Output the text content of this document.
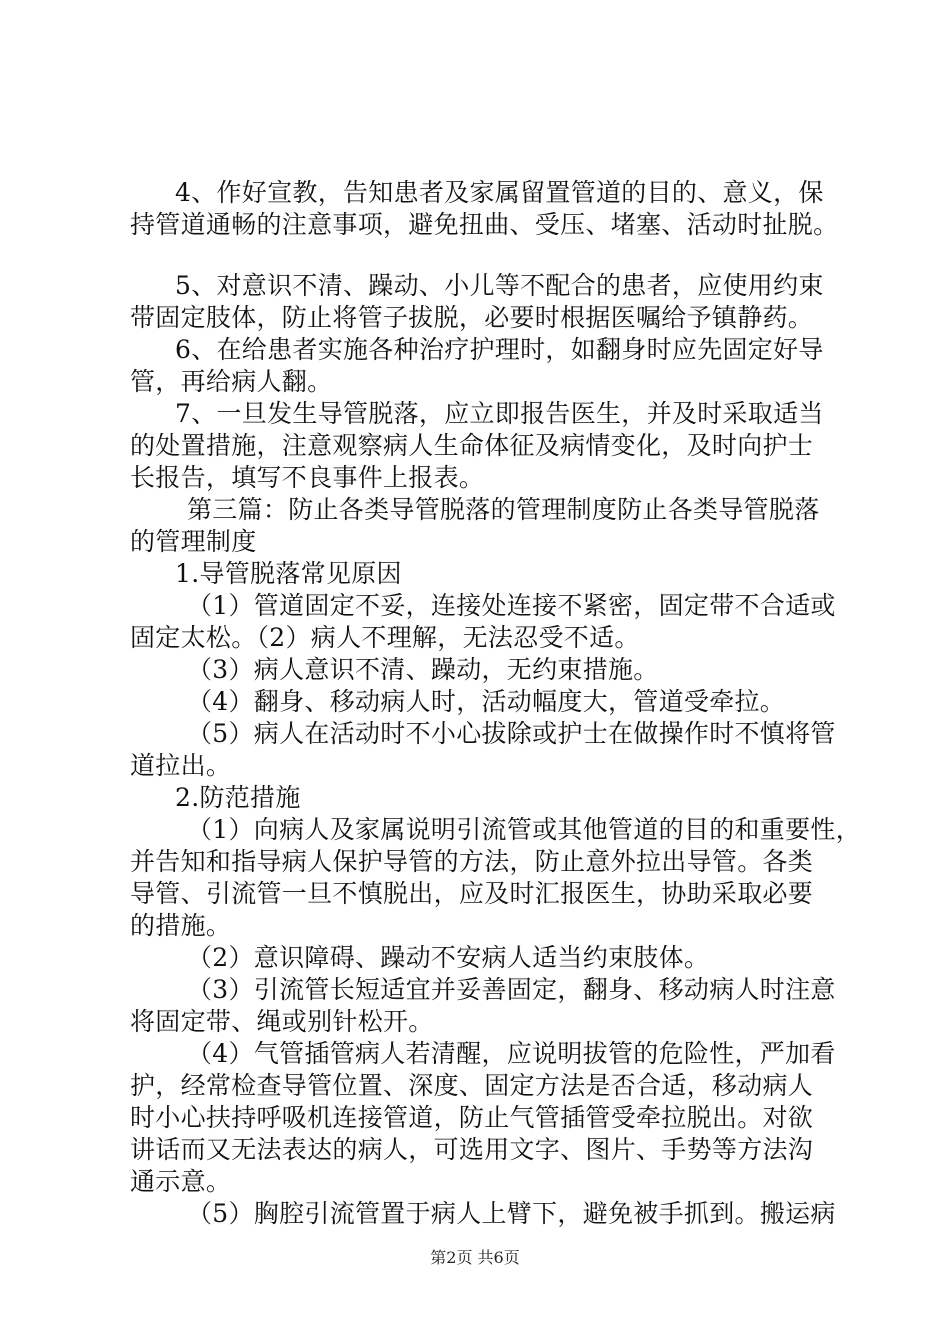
4、作好宣教，告知患者及家属留置管道的目的、意义，保
持管道通畅的注意事项，避免扭曲、受压、堵塞、活动时扯脱。
5、对意识不清、躁动、小儿等不配合的患者，应使用约束
带固定肢体，防止将管子拔脱，必要时根据医嘱给予镇静药。
6、在给患者实施各种治疗护理时，如翻身时应先固定好导
管，再给病人翻。
7、一旦发生导管脱落，应立即报告医生，并及时采取适当
的处置措施，注意观察病人生命体征及病情变化，及时向护士
长报告，填写不良事件上报表。
第三篇：防止各类导管脱落的管理制度防止各类导管脱落
的管理制度
1.导管脱落常见原因
（1）管道固定不妥，连接处连接不紧密，固定带不合适或
固定太松。（2）病人不理解，无法忍受不适。
（3）病人意识不清、躁动，无约束措施。
（4）翻身、移动病人时，活动幅度大，管道受牵拉。
（5）病人在活动时不小心拔除或护士在做操作时不慎将管
道拉出。
2.防范措施
（1）向病人及家属说明引流管或其他管道的目的和重要性，
并告知和指导病人保护导管的方法，防止意外拉出导管。各类
导管、引流管一旦不慎脱出，应及时汇报医生，协助采取必要
的措施。
（2）意识障碍、躁动不安病人适当约束肢体。
（3）引流管长短适宜并妥善固定，翻身、移动病人时注意
将固定带、绳或别针松开。
（4）气管插管病人若清醒，应说明拔管的危险性，严加看
护，经常检查导管位置、深度、固定方法是否合适，移动病人
时小心扶持呼吸机连接管道，防止气管插管受牵拉脱出。对欲
讲话而又无法表达的病人，可选用文字、图片、手势等方法沟
通示意。
（5）胸腔引流管置于病人上臂下，避免被手抓到。搬运病
第2页 共6页
